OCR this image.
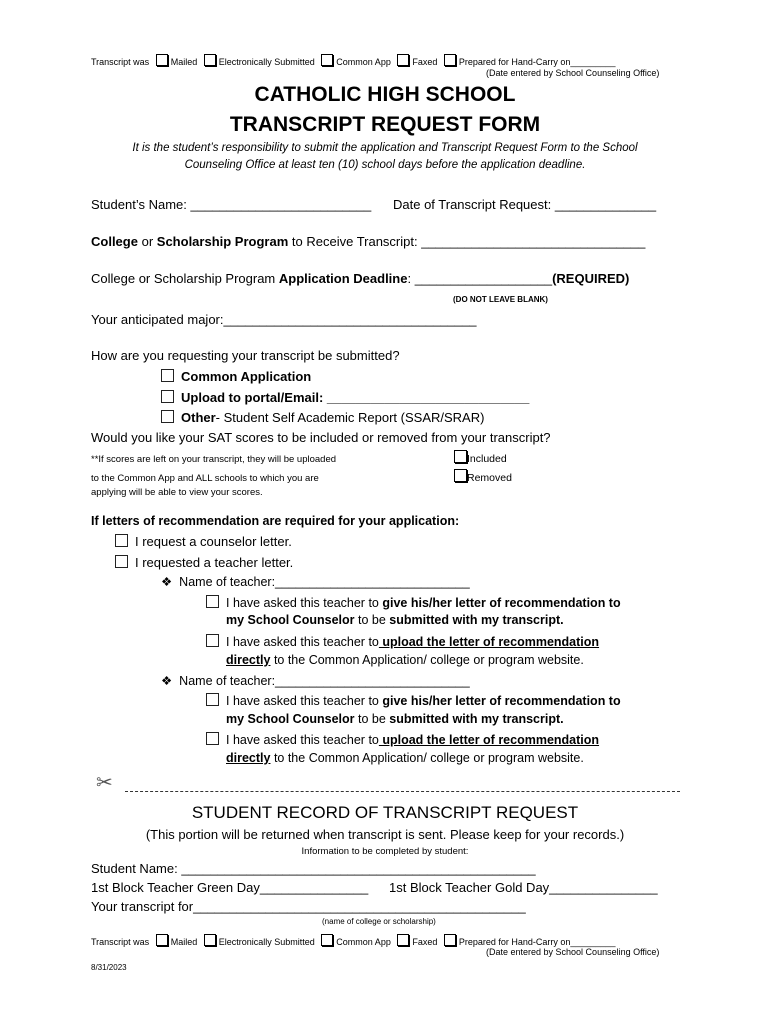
Transcript was Mailed Electronically Submitted Common App Faxed Prepared for Hand-Carry on_________
(Date entered by School Counseling Office)
CATHOLIC HIGH SCHOOL
TRANSCRIPT REQUEST FORM
It is the student’s responsibility to submit the application and Transcript Request Form to the School
Counseling Office at least ten (10) school days before the application deadline.
Student’s Name: _________________________ Date of Transcript Request: ______________
College or Scholarship Program to Receive Transcript: _______________________________
College or Scholarship Program Application Deadline: ___________________(REQUIRED)
(DO NOT LEAVE BLANK)
Your anticipated major:___________________________________
How are you requesting your transcript be submitted?
Common Application
Upload to portal/Email: ____________________________
Other- Student Self Academic Report (SSAR/SRAR)
Would you like your SAT scores to be included or removed from your transcript?
**If scores are left on your transcript, they will be uploaded
to the Common App and ALL schools to which you are
applying will be able to view your scores.
Included
Removed
If letters of recommendation are required for your application:
I request a counselor letter.
I requested a teacher letter.
❖ Name of teacher:____________________________
I have asked this teacher to give his/her letter of recommendation to
my School Counselor to be submitted with my transcript.
I have asked this teacher to upload the letter of recommendation
directly to the Common Application/ college or program website.
❖ Name of teacher:____________________________
I have asked this teacher to give his/her letter of recommendation to
my School Counselor to be submitted with my transcript.
I have asked this teacher to upload the letter of recommendation
directly to the Common Application/ college or program website.
✂
STUDENT RECORD OF TRANSCRIPT REQUEST
(This portion will be returned when transcript is sent. Please keep for your records.)
Information to be completed by student:
Student Name: _________________________________________________
1st Block Teacher Green Day_______________ 1st Block Teacher Gold Day_______________
Your transcript for______________________________________________
(name of college or scholarship)
Transcript was Mailed Electronically Submitted Common App Faxed Prepared for Hand-Carry on_________
(Date entered by School Counseling Office)
8/31/2023
